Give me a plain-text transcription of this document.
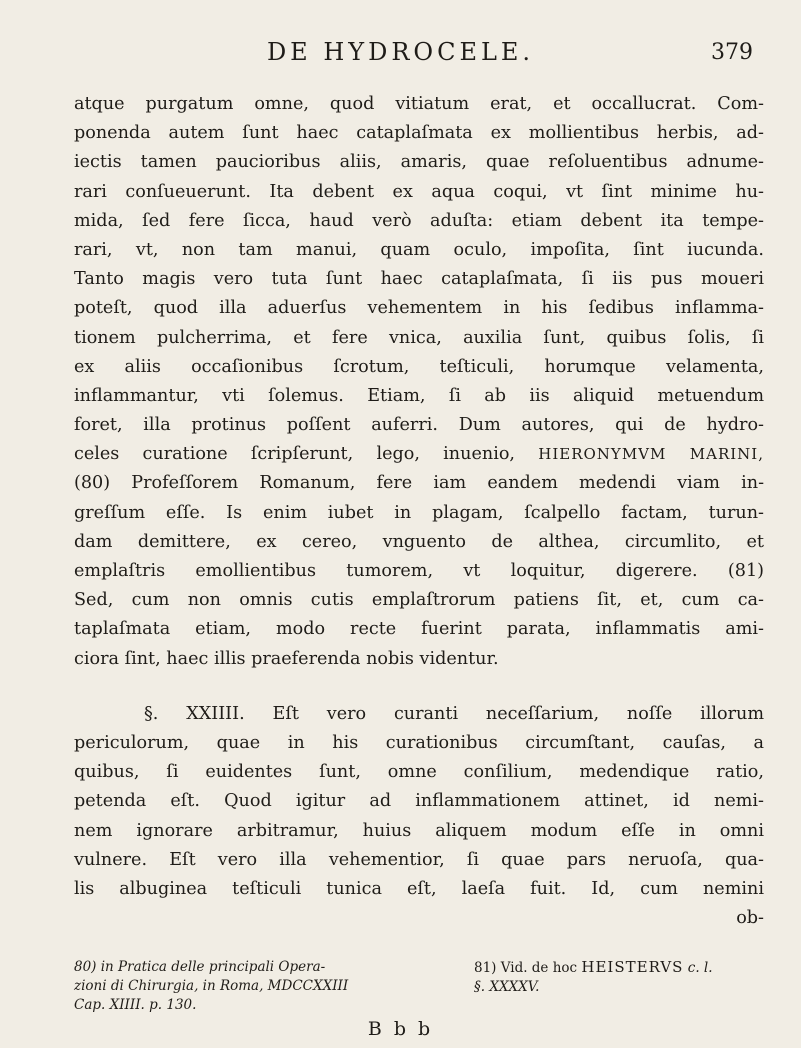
DE HYDROCELE.	379
atque purgatum omne, quod vitiatum erat, et occallucrat. Com-
ponenda autem ſunt haec cataplaſmata ex mollientibus herbis, ad-
iectis tamen paucioribus aliis, amaris, quae reſoluentibus adnume-
rari conſueuerunt. Ita debent ex aqua coqui, vt ſint minime hu-
mida, ſed fere ſicca, haud verò aduſta: etiam debent ita tempe-
rari, vt, non tam manui, quam oculo, impoſita, ſint iucunda.
Tanto magis vero tuta ſunt haec cataplaſmata, ſi iis pus moueri
poteſt, quod illa aduerſus vehementem in his ſedibus inflamma-
tionem pulcherrima, et fere vnica, auxilia ſunt, quibus ſolis, ſi
ex aliis occaſionibus ſcrotum, teſticuli, horumque velamenta,
inflammantur, vti ſolemus. Etiam, ſi ab iis aliquid metuendum
foret, illa protinus poſſent auferri. Dum autores, qui de hydro-
celes curatione ſcripſerunt, lego, inuenio, HIERONYMVM MARINI,
(80) Profeſſorem Romanum, fere iam eandem medendi viam in-
greſſum eſſe. Is enim iubet in plagam, ſcalpello factam, turun-
dam demittere, ex cereo, vnguento de althea, circumlito, et
emplaſtris emollientibus tumorem, vt loquitur, digerere. (81)
Sed, cum non omnis cutis emplaſtrorum patiens ſit, et, cum ca-
taplaſmata etiam, modo recte fuerint parata, inflammatis ami-
ciora ſint, haec illis praeferenda nobis videntur.
§. XXIIII. Eſt vero curanti neceſſarium, noſſe illorum
periculorum, quae in his curationibus circumſtant, cauſas, a
quibus, ſi euidentes ſunt, omne conſilium, medendique ratio,
petenda eſt. Quod igitur ad inflammationem attinet, id nemi-
nem ignorare arbitramur, huius aliquem modum eſſe in omni
vulnere. Eſt vero illa vehementior, ſi quae pars neruoſa, qua-
lis albuginea teſticuli tunica eſt, laeſa fuit. Id, cum nemini
ob-
80) in Pratica delle principali Opera-
zioni di Chirurgia, in Roma, MDCCXXIII
Cap. XIIII. p. 130.
81) Vid. de hoc HEISTERVS c. l.
§. XXXXV.
B b b
